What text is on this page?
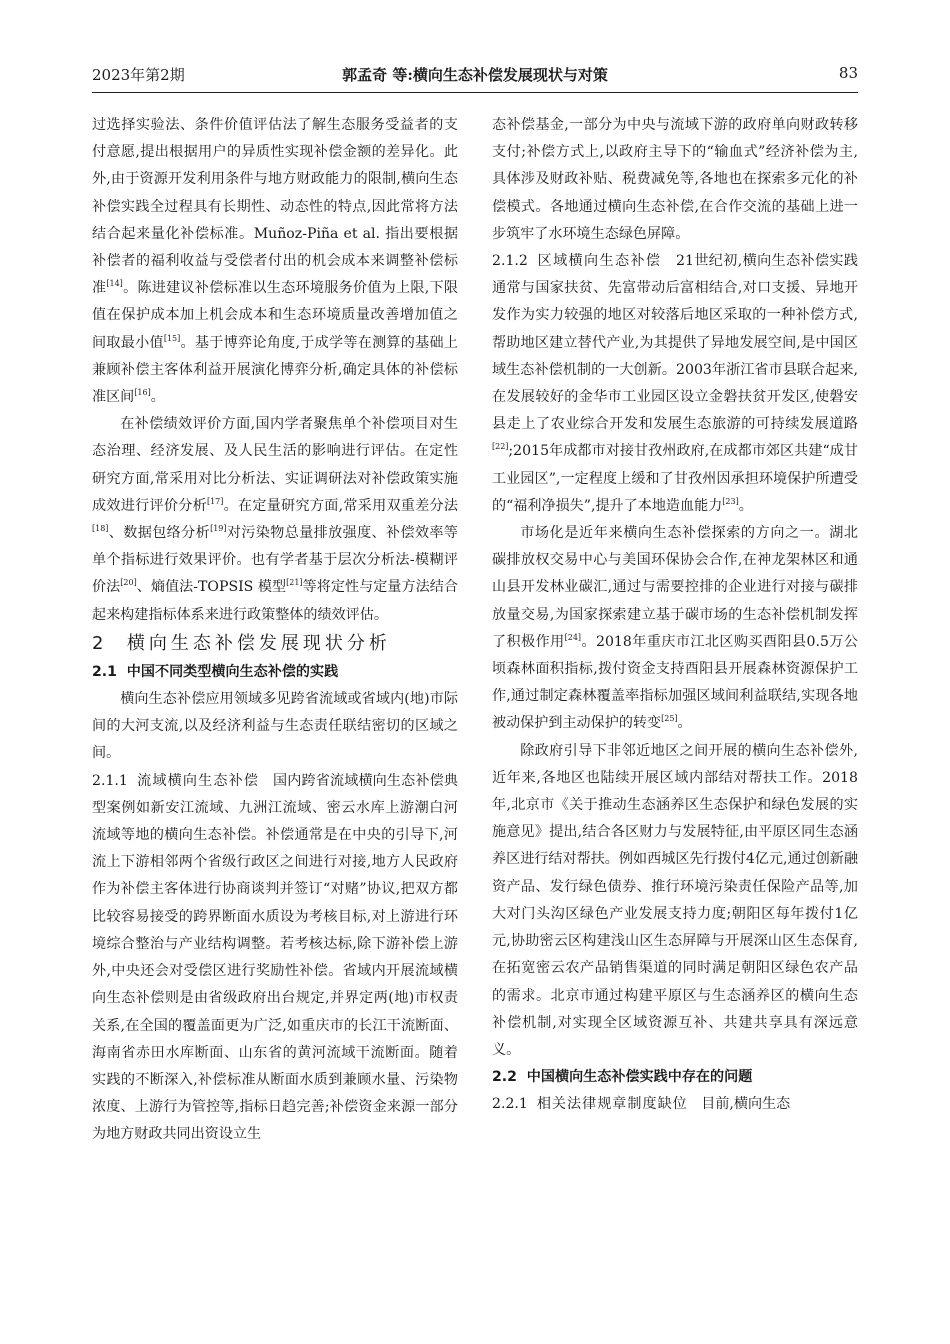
2023年第2期	郭孟奇 等:横向生态补偿发展现状与对策	83

过选择实验法、条件价值评估法了解生态服务受益者的支付意愿,提出根据用户的异质性实现补偿金额的差异化。此外,由于资源开发利用条件与地方财政能力的限制,横向生态补偿实践全过程具有长期性、动态性的特点,因此常将方法结合起来量化补偿标准。Muñoz-Piña et al. 指出要根据补偿者的福利收益与受偿者付出的机会成本来调整补偿标准[14]。陈进建议补偿标准以生态环境服务价值为上限,下限值在保护成本加上机会成本和生态环境质量改善增加值之间取最小值[15]。基于博弈论角度,于成学等在测算的基础上兼顾补偿主客体利益开展演化博弈分析,确定具体的补偿标准区间[16]。

在补偿绩效评价方面,国内学者聚焦单个补偿项目对生态治理、经济发展、及人民生活的影响进行评估。在定性研究方面,常采用对比分析法、实证调研法对补偿政策实施成效进行评价分析[17]。在定量研究方面,常采用双重差分法[18]、数据包络分析[19]对污染物总量排放强度、补偿效率等单个指标进行效果评价。也有学者基于层次分析法-模糊评价法[20]、熵值法-TOPSIS 模型[21]等将定性与定量方法结合起来构建指标体系来进行政策整体的绩效评估。

2 横向生态补偿发展现状分析

2.1 中国不同类型横向生态补偿的实践

横向生态补偿应用领域多见跨省流域或省域内(地)市际间的大河支流,以及经济利益与生态责任联结密切的区域之间。

2.1.1 流域横向生态补偿 国内跨省流域横向生态补偿典型案例如新安江流域、九洲江流域、密云水库上游潮白河流域等地的横向生态补偿。补偿通常是在中央的引导下,河流上下游相邻两个省级行政区之间进行对接,地方人民政府作为补偿主客体进行协商谈判并签订“对赌”协议,把双方都比较容易接受的跨界断面水质设为考核目标,对上游进行环境综合整治与产业结构调整。若考核达标,除下游补偿上游外,中央还会对受偿区进行奖励性补偿。省域内开展流域横向生态补偿则是由省级政府出台规定,并界定两(地)市权责关系,在全国的覆盖面更为广泛,如重庆市的长江干流断面、海南省赤田水库断面、山东省的黄河流域干流断面。随着实践的不断深入,补偿标准从断面水质到兼顾水量、污染物浓度、上游行为管控等,指标日趋完善;补偿资金来源一部分为地方财政共同出资设立生

态补偿基金,一部分为中央与流域下游的政府单向财政转移支付;补偿方式上,以政府主导下的“输血式”经济补偿为主,具体涉及财政补贴、税费减免等,各地也在探索多元化的补偿模式。各地通过横向生态补偿,在合作交流的基础上进一步筑牢了水环境生态绿色屏障。

2.1.2 区域横向生态补偿 21世纪初,横向生态补偿实践通常与国家扶贫、先富带动后富相结合,对口支援、异地开发作为实力较强的地区对较落后地区采取的一种补偿方式,帮助地区建立替代产业,为其提供了异地发展空间,是中国区域生态补偿机制的一大创新。2003年浙江省市县联合起来,在发展较好的金华市工业园区设立金磐扶贫开发区,使磐安县走上了农业综合开发和发展生态旅游的可持续发展道路[22];2015年成都市对接甘孜州政府,在成都市郊区共建“成甘工业园区”,一定程度上缓和了甘孜州因承担环境保护所遭受的“福利净损失”,提升了本地造血能力[23]。

市场化是近年来横向生态补偿探索的方向之一。湖北碳排放权交易中心与美国环保协会合作,在神龙架林区和通山县开发林业碳汇,通过与需要控排的企业进行对接与碳排放量交易,为国家探索建立基于碳市场的生态补偿机制发挥了积极作用[24]。2018年重庆市江北区购买酉阳县0.5万公顷森林面积指标,拨付资金支持酉阳县开展森林资源保护工作,通过制定森林覆盖率指标加强区域间利益联结,实现各地被动保护到主动保护的转变[25]。

除政府引导下非邻近地区之间开展的横向生态补偿外,近年来,各地区也陆续开展区域内部结对帮扶工作。2018年,北京市《关于推动生态涵养区生态保护和绿色发展的实施意见》提出,结合各区财力与发展特征,由平原区同生态涵养区进行结对帮扶。例如西城区先行拨付4亿元,通过创新融资产品、发行绿色债券、推行环境污染责任保险产品等,加大对门头沟区绿色产业发展支持力度;朝阳区每年拨付1亿元,协助密云区构建浅山区生态屏障与开展深山区生态保育,在拓宽密云农产品销售渠道的同时满足朝阳区绿色农产品的需求。北京市通过构建平原区与生态涵养区的横向生态补偿机制,对实现全区域资源互补、共建共享具有深远意义。

2.2 中国横向生态补偿实践中存在的问题

2.2.1 相关法律规章制度缺位 目前,横向生态
